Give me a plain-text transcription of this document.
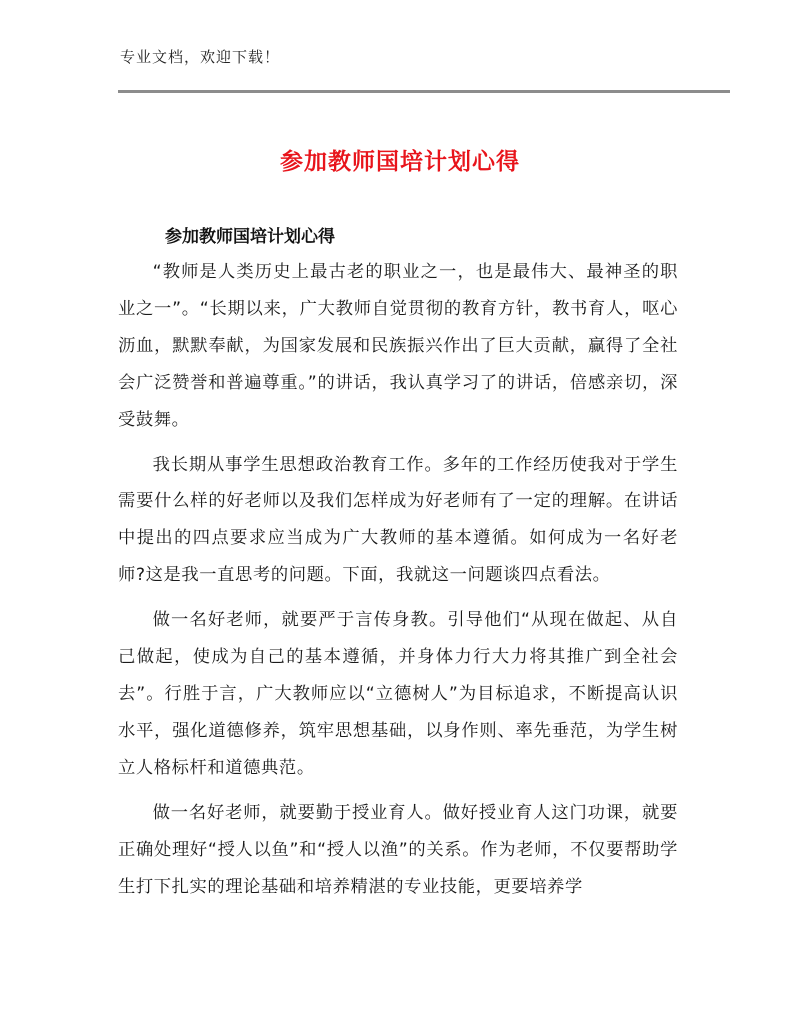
专业文档，欢迎下载！
参加教师国培计划心得
参加教师国培计划心得

“教师是人类历史上最古老的职业之一，也是最伟大、最神圣的职业之一”。“长期以来，广大教师自觉贯彻的教育方针，教书育人，呕心沥血，默默奉献，为国家发展和民族振兴作出了巨大贡献，赢得了全社会广泛赞誉和普遍尊重。”的讲话，我认真学习了的讲话，倍感亲切，深受鼓舞。

我长期从事学生思想政治教育工作。多年的工作经历使我对于学生需要什么样的好老师以及我们怎样成为好老师有了一定的理解。在讲话中提出的四点要求应当成为广大教师的基本遵循。如何成为一名好老师?这是我一直思考的问题。下面，我就这一问题谈四点看法。

做一名好老师，就要严于言传身教。引导他们“从现在做起、从自己做起，使成为自己的基本遵循，并身体力行大力将其推广到全社会去”。行胜于言，广大教师应以“立德树人”为目标追求，不断提高认识水平，强化道德修养，筑牢思想基础，以身作则、率先垂范，为学生树立人格标杆和道德典范。

做一名好老师，就要勤于授业育人。做好授业育人这门功课，就要正确处理好“授人以鱼”和“授人以渔”的关系。作为老师，不仅要帮助学生打下扎实的理论基础和培养精湛的专业技能，更要培养学
